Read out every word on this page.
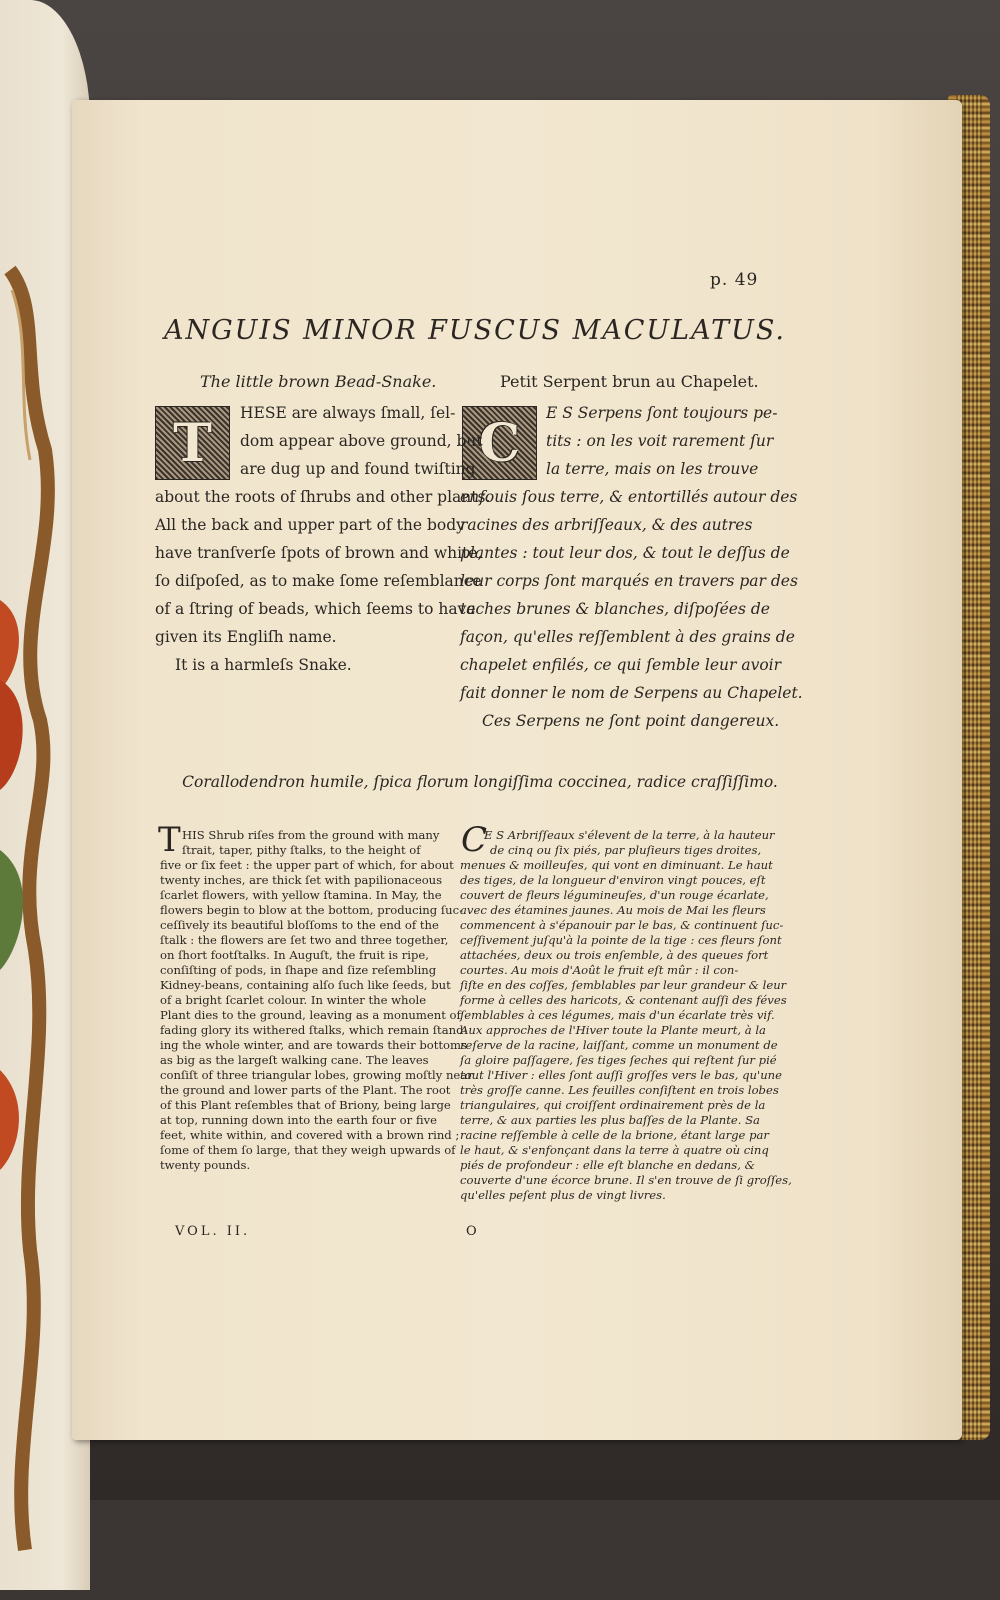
p. 49
ANGUIS MINOR FUSCUS MACULATUS.
The little brown Bead-Snake.	Petit Serpent brun au Chapelet.
T	C
HESE are always ſmall, ſel-
dom appear above ground, but
are dug up and found twiſting
about the roots of ſhrubs and other plants.
All the back and upper part of the body
have tranſverſe ſpots of brown and white,
ſo diſpoſed, as to make ſome reſemblance
of a ſtring of beads, which ſeems to have
given its Engliſh name.
It is a harmleſs Snake.
E S Serpens ſont toujours pe-
tits : on les voit rarement ſur
la terre, mais on les trouve
enfouis ſous terre, & entortillés autour des
racines des arbriſſeaux, & des autres
plantes : tout leur dos, & tout le deſſus de
leur corps ſont marqués en travers par des
taches brunes & blanches, diſpoſées de
façon, qu'elles reſſemblent à des grains de
chapelet enfilés, ce qui ſemble leur avoir
fait donner le nom de Serpens au Chapelet.
Ces Serpens ne ſont point dangereux.
Corallodendron humile, ſpica florum longiſſima coccinea, radice craſſiſſimo.
T HIS Shrub riſes from the ground with many
ſtrait, taper, pithy ſtalks, to the height of
five or ſix feet : the upper part of which, for about
twenty inches, are thick ſet with papilionaceous
ſcarlet flowers, with yellow ſtamina. In May, the
flowers begin to blow at the bottom, producing ſuc-
ceſſively its beautiful bloſſoms to the end of the
ſtalk : the flowers are ſet two and three together,
on ſhort footſtalks. In Auguſt, the fruit is ripe,
conſiſting of pods, in ſhape and ſize reſembling
Kidney-beans, containing alſo ſuch like ſeeds, but
of a bright ſcarlet colour. In winter the whole
Plant dies to the ground, leaving as a monument of
fading glory its withered ſtalks, which remain ſtand-
ing the whole winter, and are towards their bottoms
as big as the largeſt walking cane. The leaves
conſiſt of three triangular lobes, growing moſtly near
the ground and lower parts of the Plant. The root
of this Plant reſembles that of Briony, being large
at top, running down into the earth four or five
feet, white within, and covered with a brown rind ;
ſome of them ſo large, that they weigh upwards of
twenty pounds.
C
E S Arbriſſeaux s'élevent de la terre, à la hauteur
de cinq ou ſix piés, par pluſieurs tiges droites,
menues & moilleuſes, qui vont en diminuant. Le haut
des tiges, de la longueur d'environ vingt pouces, eſt
couvert de fleurs légumineuſes, d'un rouge écarlate,
avec des étamines jaunes. Au mois de Mai les fleurs
commencent à s'épanouir par le bas, & continuent ſuc-
ceſſivement juſqu'à la pointe de la tige : ces fleurs ſont
attachées, deux ou trois enſemble, à des queues fort
courtes. Au mois d'Août le fruit eſt mûr : il con-
ſiſte en des coſſes, ſemblables par leur grandeur & leur
forme à celles des haricots, & contenant auſſi des féves
ſemblables à ces légumes, mais d'un écarlate très vif.
Aux approches de l'Hiver toute la Plante meurt, à la
reſerve de la racine, laiſſant, comme un monument de
ſa gloire paſſagere, ſes tiges ſeches qui reſtent ſur pié
tout l'Hiver : elles ſont auſſi groſſes vers le bas, qu'une
très groſſe canne. Les feuilles conſiſtent en trois lobes
triangulaires, qui croiſſent ordinairement près de la
terre, & aux parties les plus baſſes de la Plante. Sa
racine reſſemble à celle de la brione, étant large par
le haut, & s'enfonçant dans la terre à quatre où cinq
piés de profondeur : elle eſt blanche en dedans, &
couverte d'une écorce brune. Il s'en trouve de ſi groſſes,
qu'elles peſent plus de vingt livres.
VOL. II.	O
